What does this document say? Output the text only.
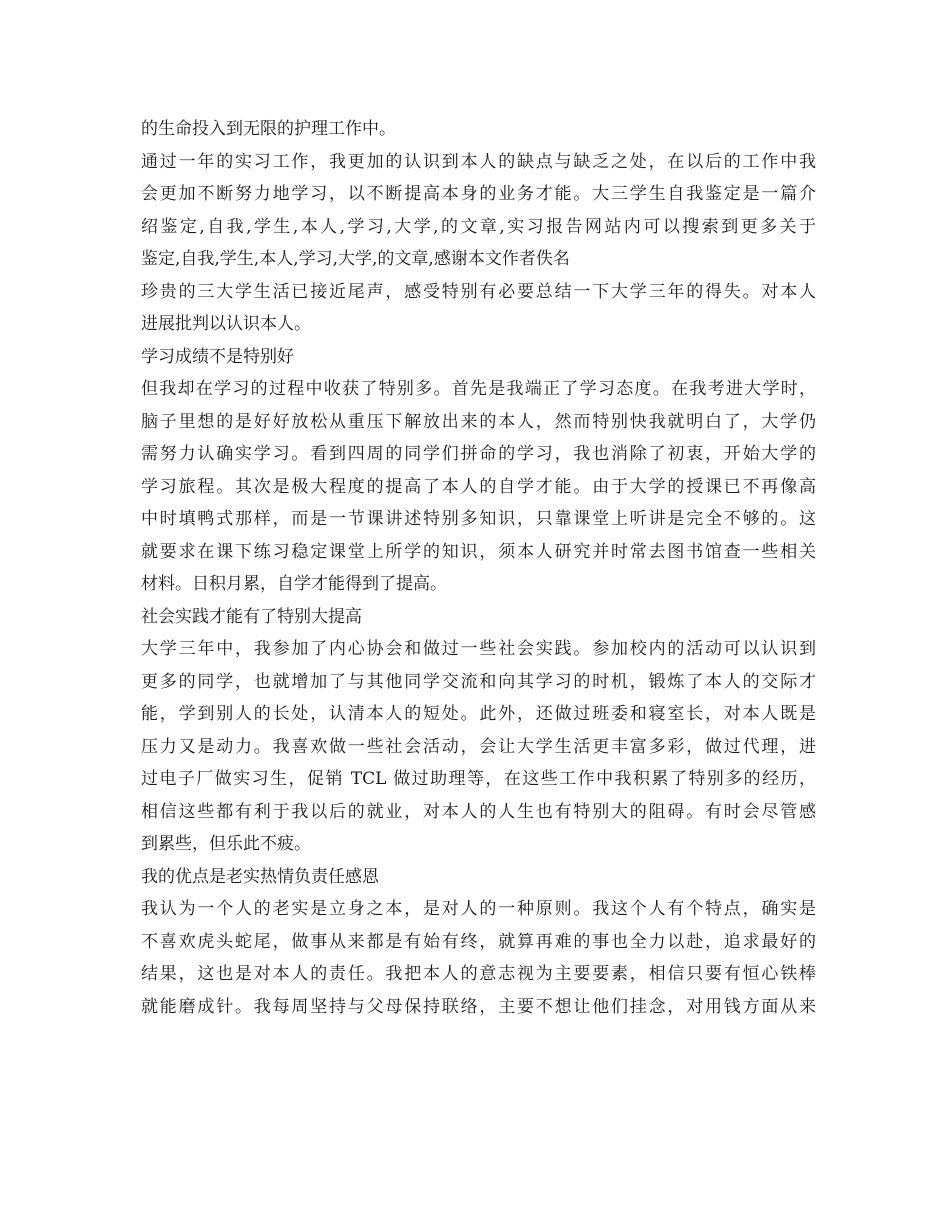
的生命投入到无限的护理工作中。
通过一年的实习工作，我更加的认识到本人的缺点与缺乏之处，在以后的工作中我
会更加不断努力地学习，以不断提高本身的业务才能。大三学生自我鉴定是一篇介
绍鉴定,自我,学生,本人,学习,大学,的文章,实习报告网站内可以搜索到更多关于
鉴定,自我,学生,本人,学习,大学,的文章,感谢本文作者佚名
珍贵的三大学生活已接近尾声，感受特别有必要总结一下大学三年的得失。对本人
进展批判以认识本人。
学习成绩不是特别好
但我却在学习的过程中收获了特别多。首先是我端正了学习态度。在我考进大学时，
脑子里想的是好好放松从重压下解放出来的本人，然而特别快我就明白了，大学仍
需努力认确实学习。看到四周的同学们拼命的学习，我也消除了初衷，开始大学的
学习旅程。其次是极大程度的提高了本人的自学才能。由于大学的授课已不再像高
中时填鸭式那样，而是一节课讲述特别多知识，只靠课堂上听讲是完全不够的。这
就要求在课下练习稳定课堂上所学的知识，须本人研究并时常去图书馆查一些相关
材料。日积月累，自学才能得到了提高。
社会实践才能有了特别大提高
大学三年中，我参加了内心协会和做过一些社会实践。参加校内的活动可以认识到
更多的同学，也就增加了与其他同学交流和向其学习的时机，锻炼了本人的交际才
能，学到别人的长处，认清本人的短处。此外，还做过班委和寝室长，对本人既是
压力又是动力。我喜欢做一些社会活动，会让大学生活更丰富多彩，做过代理，进
过电子厂做实习生，促销 TCL 做过助理等，在这些工作中我积累了特别多的经历，
相信这些都有利于我以后的就业，对本人的人生也有特别大的阻碍。有时会尽管感
到累些，但乐此不疲。
我的优点是老实热情负责任感恩
我认为一个人的老实是立身之本，是对人的一种原则。我这个人有个特点，确实是
不喜欢虎头蛇尾，做事从来都是有始有终，就算再难的事也全力以赴，追求最好的
结果，这也是对本人的责任。我把本人的意志视为主要要素，相信只要有恒心铁棒
就能磨成针。我每周坚持与父母保持联络，主要不想让他们挂念，对用钱方面从来
